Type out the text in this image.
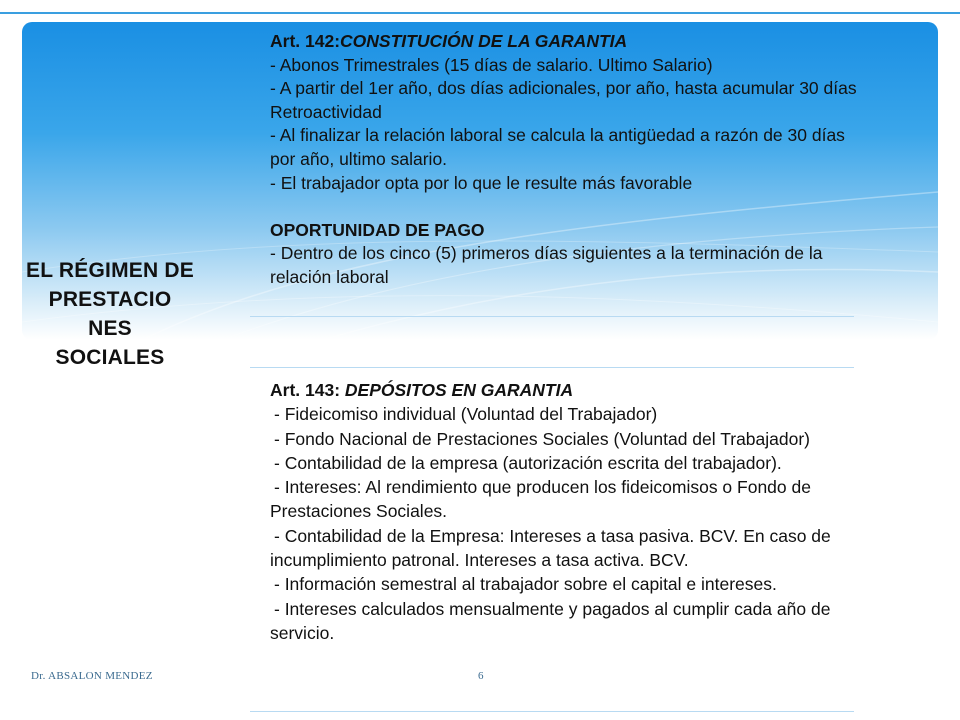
EL RÉGIMEN DE
PRESTACIO
NES
SOCIALES

Art. 142:CONSTITUCIÓN DE LA GARANTIA

- Abonos Trimestrales (15 días de salario. Ultimo Salario)

- A partir del 1er año, dos días adicionales, por año, hasta acumular 30 días

Retroactividad

- Al finalizar la relación laboral se calcula la antigüedad a razón de 30 días

por año, ultimo salario.

- El trabajador opta por lo que le resulte más favorable

OPORTUNIDAD DE PAGO

- Dentro de los cinco (5) primeros días siguientes a la terminación de la

relación laboral

Art. 143: DEPÓSITOS EN GARANTIA

- Fideicomiso individual (Voluntad del Trabajador)

- Fondo Nacional de Prestaciones Sociales (Voluntad del Trabajador)

- Contabilidad de la empresa (autorización escrita del trabajador).

- Intereses: Al rendimiento que producen los fideicomisos o Fondo de

Prestaciones Sociales.

- Contabilidad de la Empresa: Intereses a tasa pasiva. BCV. En caso de

incumplimiento patronal. Intereses a tasa activa. BCV.

- Información semestral al trabajador sobre el capital e intereses.

- Intereses calculados mensualmente y pagados al cumplir cada año de

servicio.

Dr. ABSALON MENDEZ	6
